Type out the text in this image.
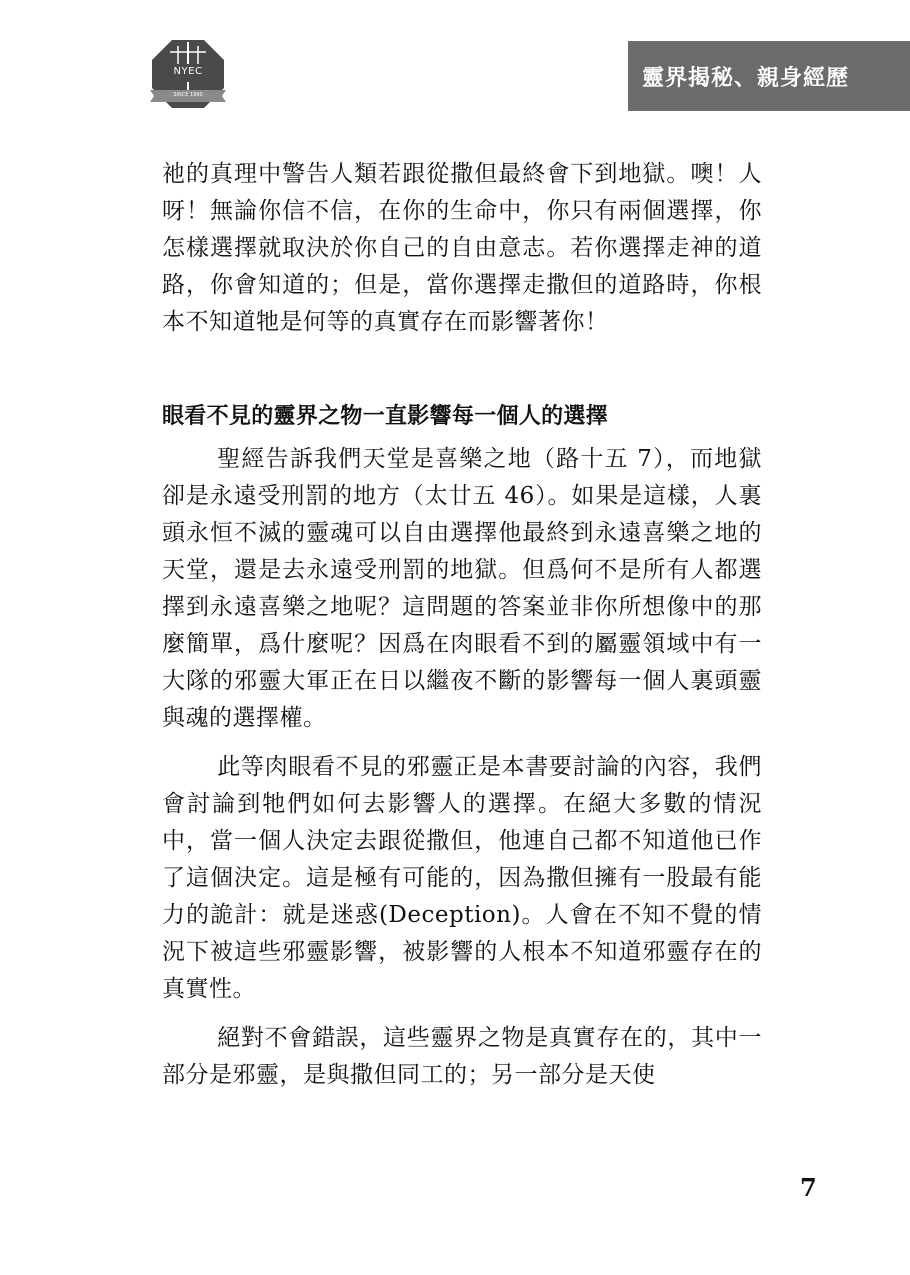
NYEC
SINCE 1990
靈界揭秘、親身經歷

祂的真理中警告人類若跟從撒但最終會下到地獄。噢！人呀！無論你信不信，在你的生命中，你只有兩個選擇，你怎樣選擇就取決於你自己的自由意志。若你選擇走神的道路，你會知道的；但是，當你選擇走撒但的道路時，你根本不知道牠是何等的真實存在而影響著你！

眼看不見的靈界之物一直影響每一個人的選擇

聖經告訴我們天堂是喜樂之地（路十五 7），而地獄卻是永遠受刑罰的地方（太廿五 46）。如果是這樣，人裏頭永恒不滅的靈魂可以自由選擇他最終到永遠喜樂之地的天堂，還是去永遠受刑罰的地獄。但爲何不是所有人都選擇到永遠喜樂之地呢？這問題的答案並非你所想像中的那麼簡單，爲什麼呢？因爲在肉眼看不到的屬靈領域中有一大隊的邪靈大軍正在日以繼夜不斷的影響每一個人裏頭靈與魂的選擇權。

此等肉眼看不見的邪靈正是本書要討論的內容，我們會討論到牠們如何去影響人的選擇。在絕大多數的情況中，當一個人決定去跟從撒但，他連自己都不知道他已作了這個決定。這是極有可能的，因為撒但擁有一股最有能力的詭計：就是迷惑(Deception)。人會在不知不覺的情況下被這些邪靈影響，被影響的人根本不知道邪靈存在的真實性。

絕對不會錯誤，這些靈界之物是真實存在的，其中一部分是邪靈，是與撒但同工的；另一部分是天使

7
